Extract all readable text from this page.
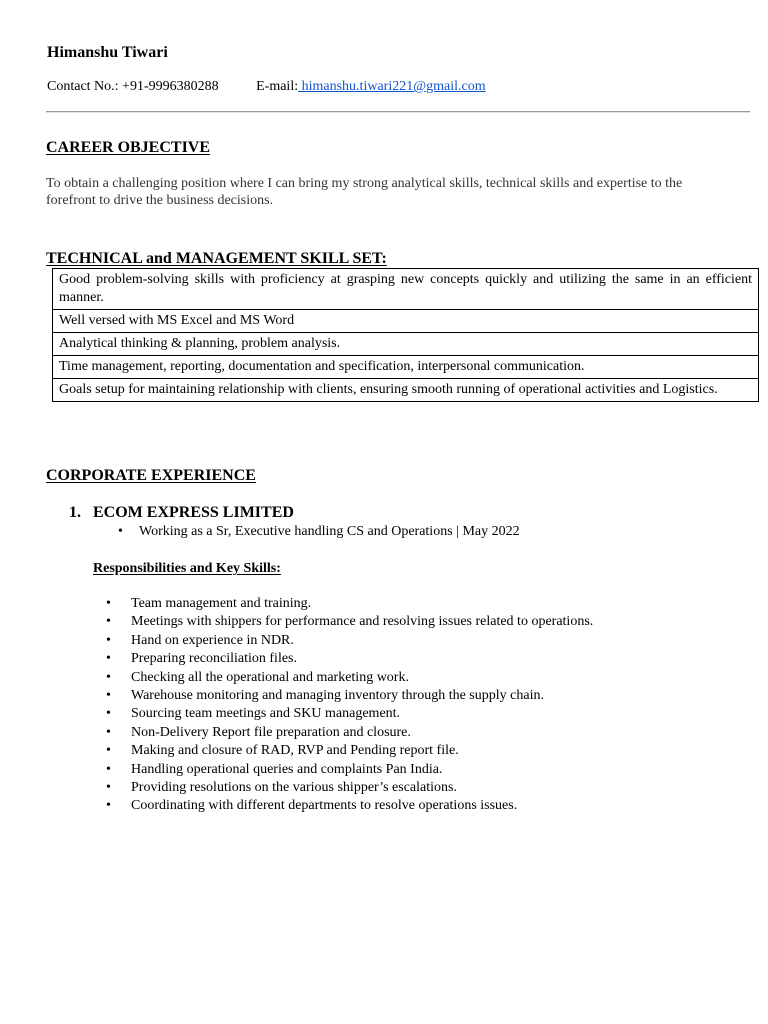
Himanshu Tiwari
Contact No.: +91-9996380288	E-mail: himanshu.tiwari221@gmail.com
CAREER OBJECTIVE
To obtain a challenging position where I can bring my strong analytical skills, technical skills and expertise to the forefront to drive the business decisions.
TECHNICAL and MANAGEMENT SKILL SET:
Good problem-solving skills with proficiency at grasping new concepts quickly and utilizing the same in an efficient manner.
Well versed with MS Excel and MS Word
Analytical thinking & planning, problem analysis.
Time management, reporting, documentation and specification, interpersonal communication.
Goals setup for maintaining relationship with clients, ensuring smooth running of operational activities and Logistics.
CORPORATE EXPERIENCE
1. ECOM EXPRESS LIMITED
• Working as a Sr, Executive handling CS and Operations | May 2022
Responsibilities and Key Skills:
• Team management and training.
• Meetings with shippers for performance and resolving issues related to operations.
• Hand on experience in NDR.
• Preparing reconciliation files.
• Checking all the operational and marketing work.
• Warehouse monitoring and managing inventory through the supply chain.
• Sourcing team meetings and SKU management.
• Non-Delivery Report file preparation and closure.
• Making and closure of RAD, RVP and Pending report file.
• Handling operational queries and complaints Pan India.
• Providing resolutions on the various shipper’s escalations.
• Coordinating with different departments to resolve operations issues.
